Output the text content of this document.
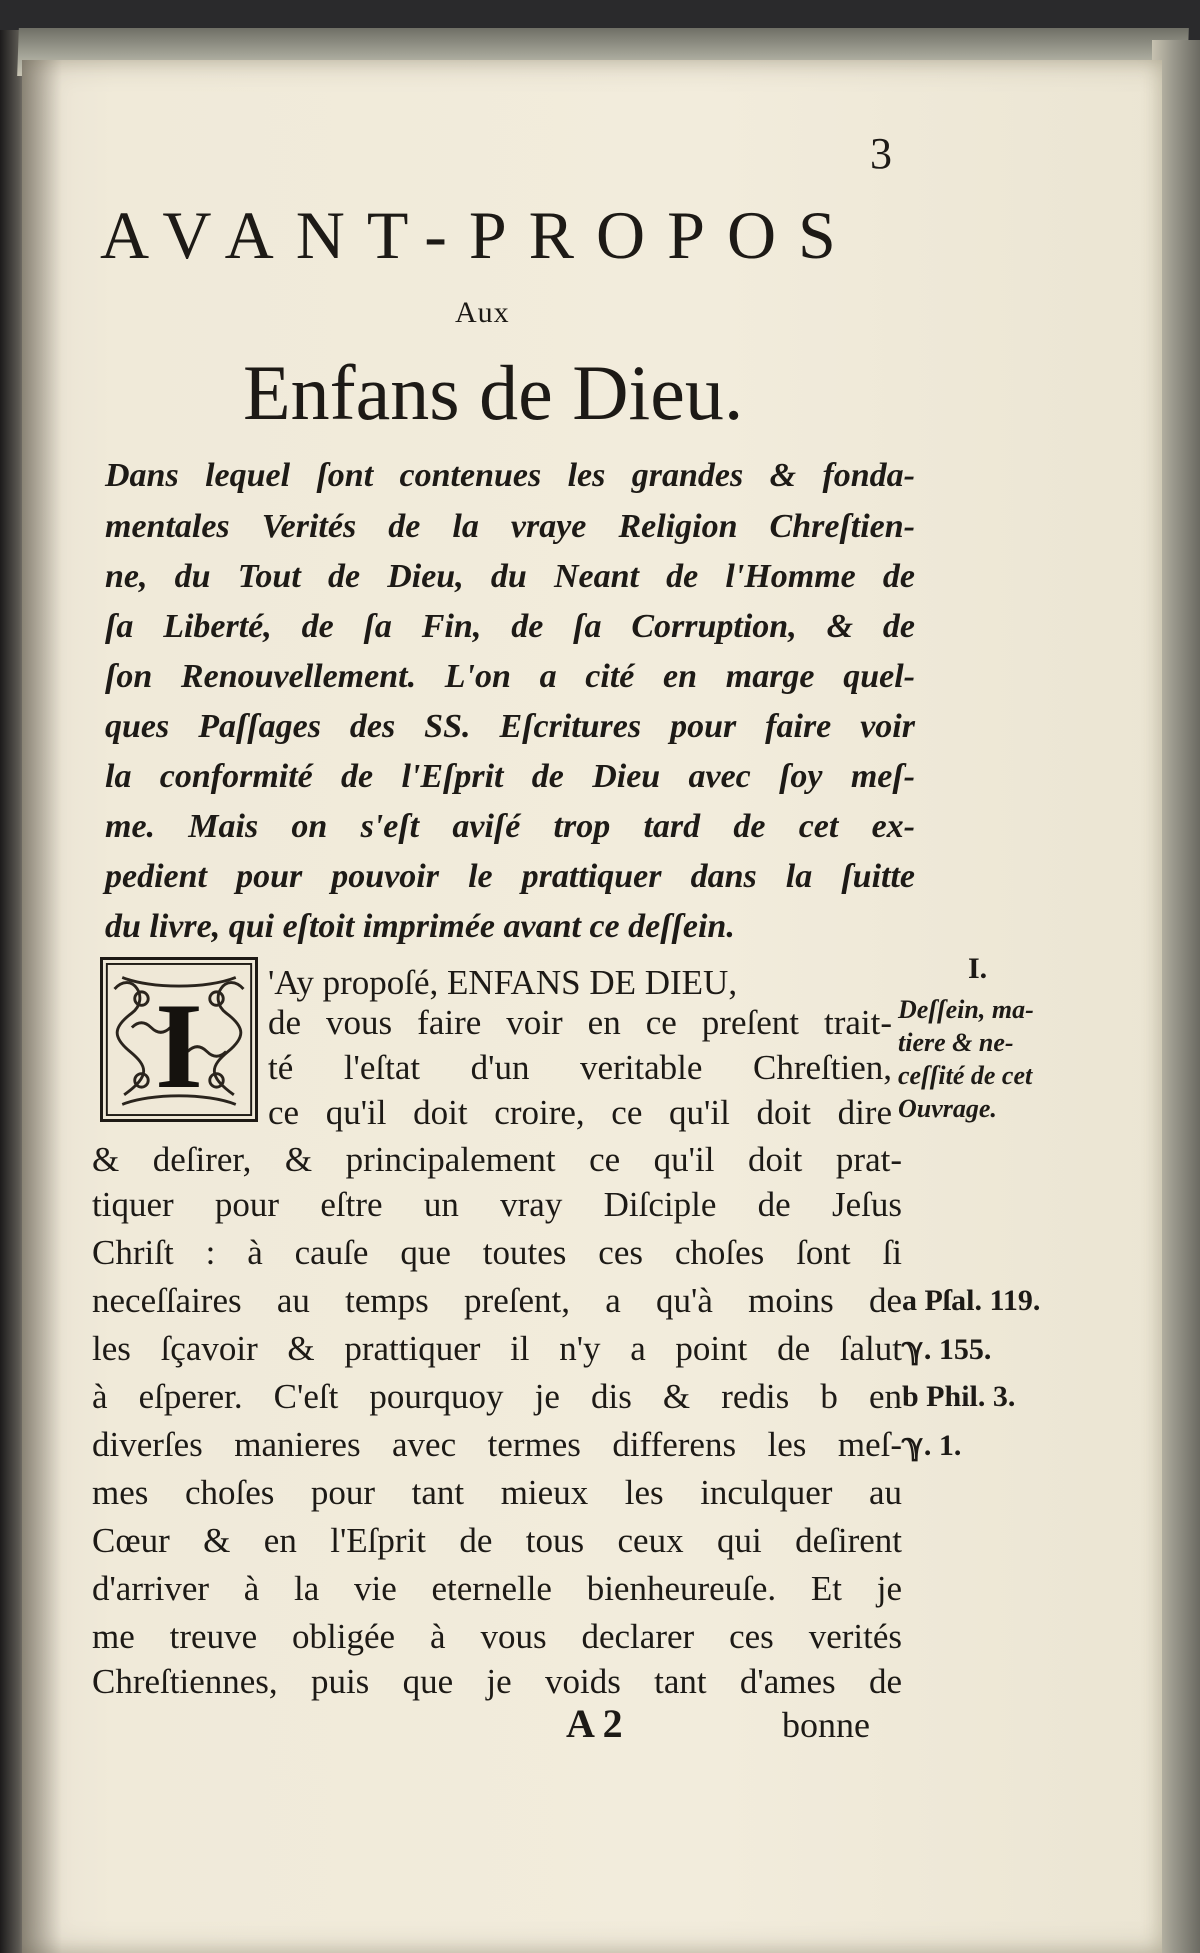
3
AVANT-PROPOS
Aux
Enfans de Dieu.
Dans lequel ſont contenues les grandes & fonda-
mentales Verités de la vraye Religion Chreſtien-
ne, du Tout de Dieu, du Neant de l'Homme de
ſa Liberté, de ſa Fin, de ſa Corruption, & de
ſon Renouvellement. L'on a cité en marge quel-
ques Paſſages des SS. Eſcritures pour faire voir
la conformité de l'Eſprit de Dieu avec ſoy meſ-
me. Mais on s'eſt aviſé trop tard de cet ex-
pedient pour pouvoir le prattiquer dans la ſuitte
du livre, qui eſtoit imprimée avant ce deſſein.
I 'Ay propoſé, ENFANS DE DIEU,
de vous faire voir en ce preſent trait-
té l'eſtat d'un veritable Chreſtien,
ce qu'il doit croire, ce qu'il doit dire
& deſirer, & principalement ce qu'il doit prat-
tiquer pour eſtre un vray Diſciple de Jeſus
Chriſt : à cauſe que toutes ces choſes ſont ſi
neceſſaires au temps preſent, a qu'à moins de
les ſçavoir & prattiquer il n'y a point de ſalut
à eſperer. C'eſt pourquoy je dis & redis b en
diverſes manieres avec termes differens les meſ-
mes choſes pour tant mieux les inculquer au
Cœur & en l'Eſprit de tous ceux qui deſirent
d'arriver à la vie eternelle bienheureuſe. Et je
me treuve obligée à vous declarer ces verités
Chreſtiennes, puis que je voids tant d'ames de
I.
Deſſein, ma-
tiere & ne-
ceſſité de cet
Ouvrage.
a Pſal. 119.
ℽ. 155.
b Phil. 3.
ℽ. 1.
A 2	bonne
